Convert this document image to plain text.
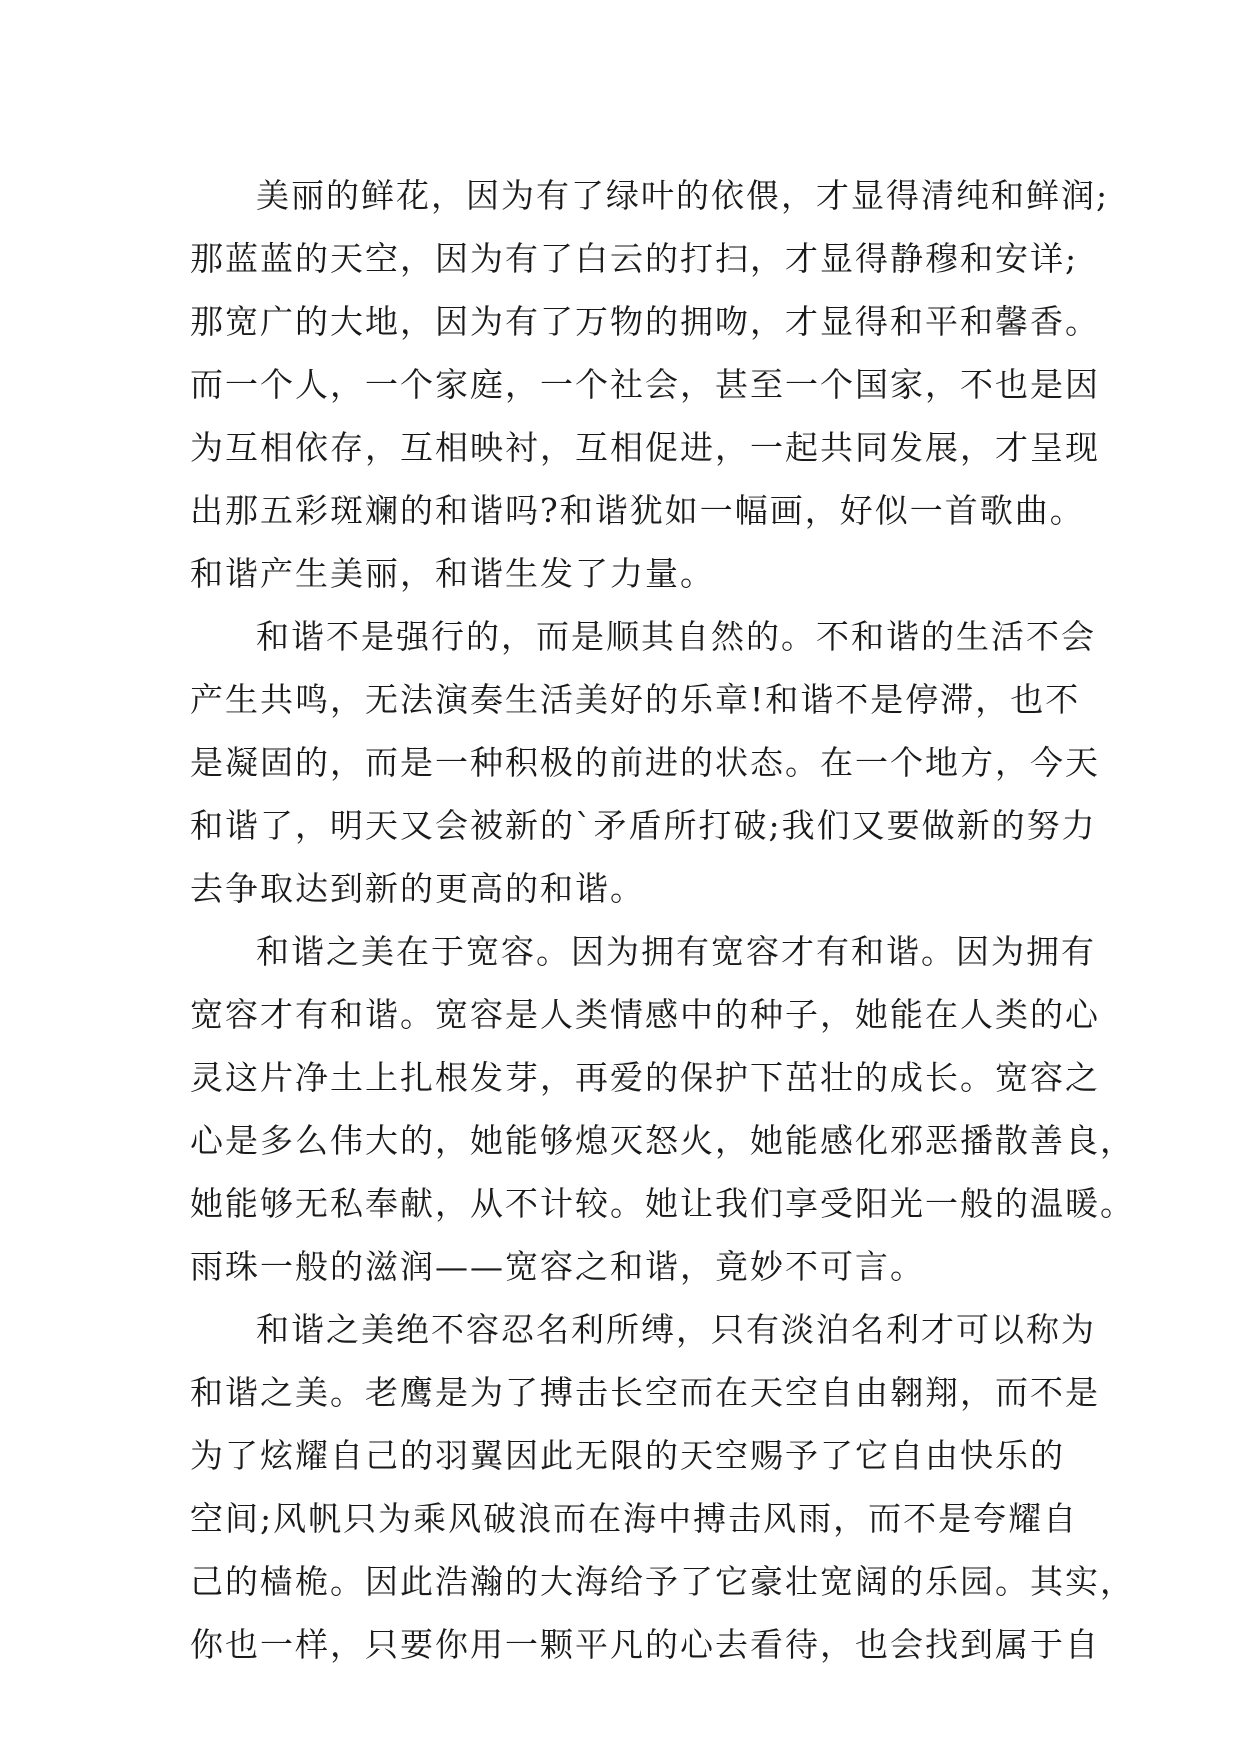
美丽的鲜花，因为有了绿叶的依偎，才显得清纯和鲜润;
那蓝蓝的天空，因为有了白云的打扫，才显得静穆和安详;
那宽广的大地，因为有了万物的拥吻，才显得和平和馨香。
而一个人，一个家庭，一个社会，甚至一个国家，不也是因
为互相依存，互相映衬，互相促进，一起共同发展，才呈现
出那五彩斑斓的和谐吗?和谐犹如一幅画，好似一首歌曲。
和谐产生美丽，和谐生发了力量。
和谐不是强行的，而是顺其自然的。不和谐的生活不会
产生共鸣，无法演奏生活美好的乐章!和谐不是停滞，也不
是凝固的，而是一种积极的前进的状态。在一个地方，今天
和谐了，明天又会被新的`矛盾所打破;我们又要做新的努力
去争取达到新的更高的和谐。
和谐之美在于宽容。因为拥有宽容才有和谐。因为拥有
宽容才有和谐。宽容是人类情感中的种子，她能在人类的心
灵这片净土上扎根发芽，再爱的保护下茁壮的成长。宽容之
心是多么伟大的，她能够熄灭怒火，她能感化邪恶播散善良，
她能够无私奉献，从不计较。她让我们享受阳光一般的温暖。
雨珠一般的滋润——宽容之和谐，竟妙不可言。
和谐之美绝不容忍名利所缚，只有淡泊名利才可以称为
和谐之美。老鹰是为了搏击长空而在天空自由翱翔，而不是
为了炫耀自己的羽翼因此无限的天空赐予了它自由快乐的
空间;风帆只为乘风破浪而在海中搏击风雨，而不是夸耀自
己的樯桅。因此浩瀚的大海给予了它豪壮宽阔的乐园。其实，
你也一样，只要你用一颗平凡的心去看待，也会找到属于自
